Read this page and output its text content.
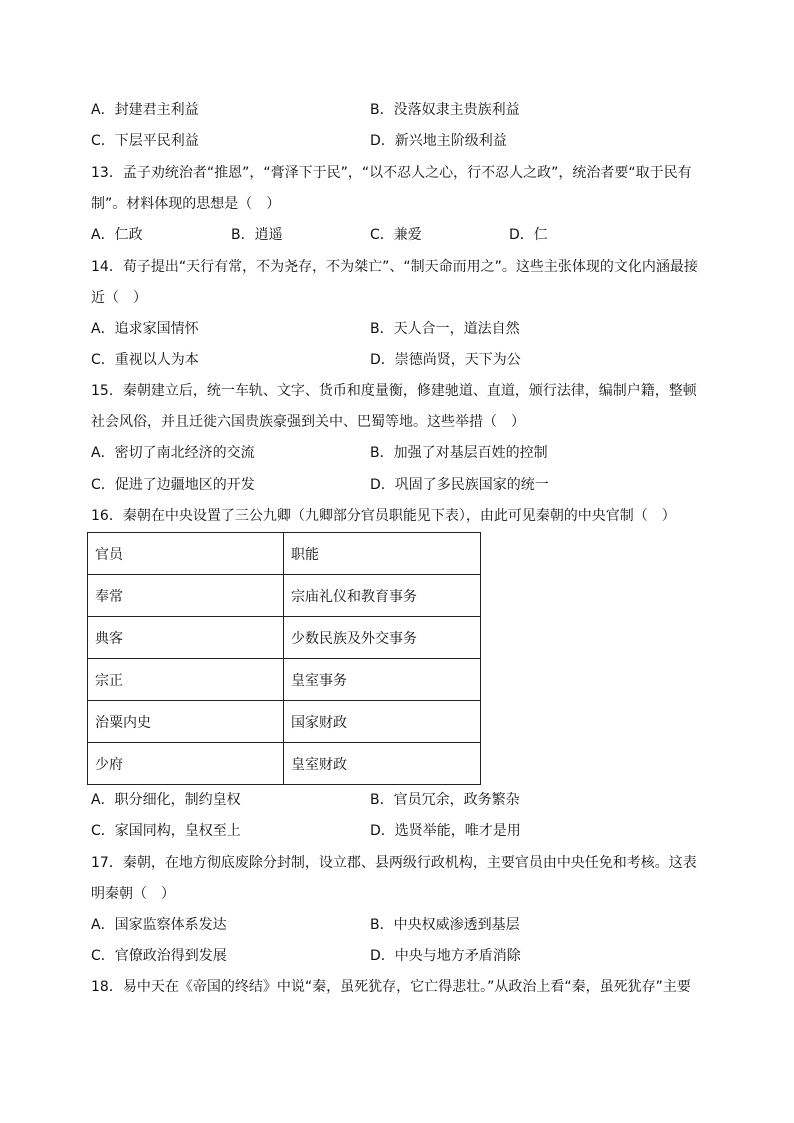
A．封建君主利益	B．没落奴隶主贵族利益
C．下层平民利益	D．新兴地主阶级利益
13．孟子劝统治者“推恩”，“膏泽下于民”，“以不忍人之心，行不忍人之政”，统治者要“取于民有
制”。材料体现的思想是（　）
A．仁政	B．逍遥	C．兼爱	D．仁
14．荀子提出“天行有常，不为尧存，不为桀亡”、“制天命而用之”。这些主张体现的文化内涵最接
近（　）
A．追求家国情怀	B．天人合一，道法自然
C．重视以人为本	D．崇德尚贤，天下为公
15．秦朝建立后，统一车轨、文字、货币和度量衡，修建驰道、直道，颁行法律，编制户籍，整顿
社会风俗，并且迁徙六国贵族豪强到关中、巴蜀等地。这些举措（　）
A．密切了南北经济的交流	B．加强了对基层百姓的控制
C．促进了边疆地区的开发	D．巩固了多民族国家的统一
16．秦朝在中央设置了三公九卿（九卿部分官员职能见下表），由此可见秦朝的中央官制（　）
官员	职能
奉常	宗庙礼仪和教育事务
典客	少数民族及外交事务
宗正	皇室事务
治粟内史	国家财政
少府	皇室财政
A．职分细化，制约皇权	B．官员冗余，政务繁杂
C．家国同构，皇权至上	D．选贤举能，唯才是用
17．秦朝，在地方彻底废除分封制，设立郡、县两级行政机构，主要官员由中央任免和考核。这表
明秦朝（　）
A．国家监察体系发达	B．中央权威渗透到基层
C．官僚政治得到发展	D．中央与地方矛盾消除
18．易中天在《帝国的终结》中说“秦，虽死犹存，它亡得悲壮。”从政治上看“秦，虽死犹存”主要
